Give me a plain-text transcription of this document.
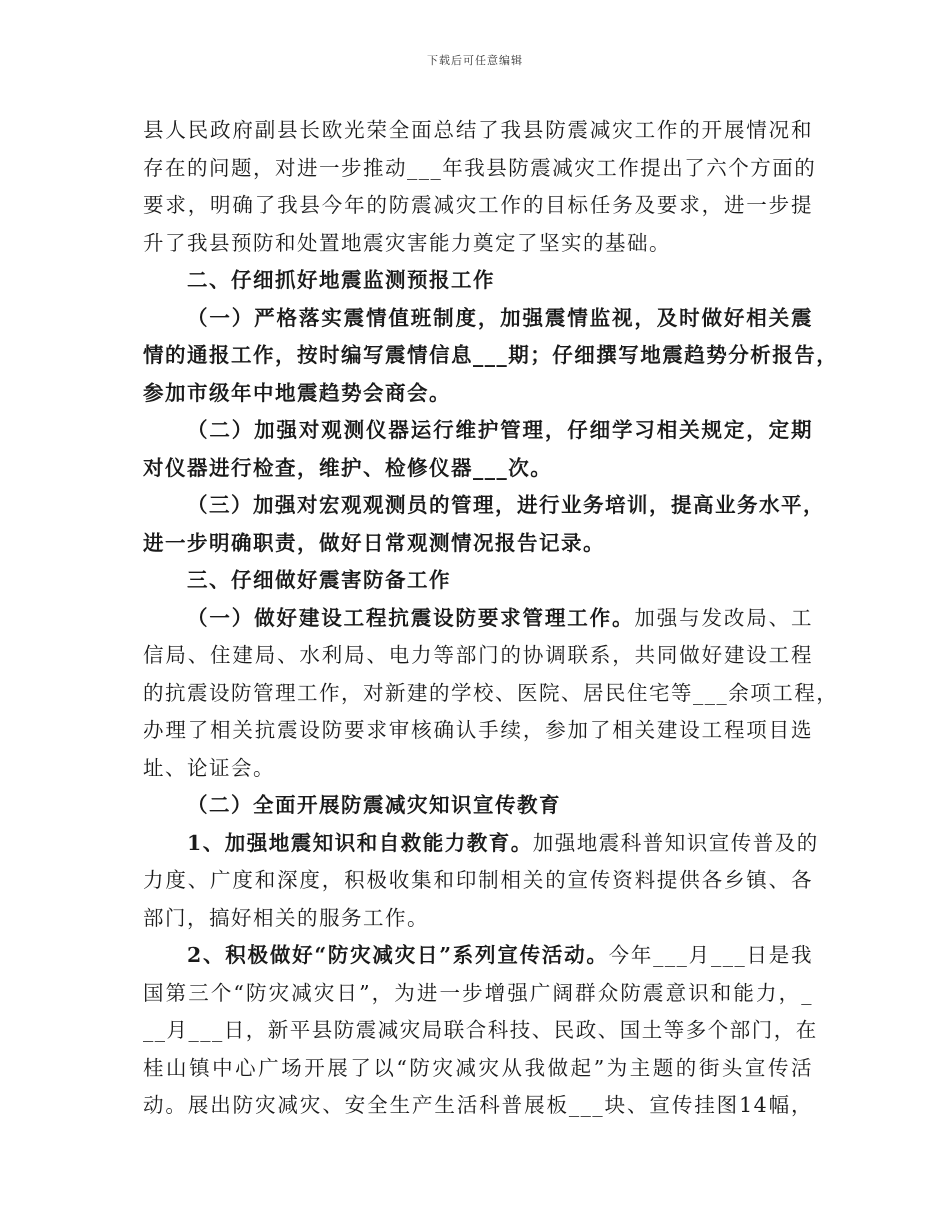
下载后可任意编辑
县人民政府副县长欧光荣全面总结了我县防震减灾工作的开展情况和
存在的问题，对进一步推动___年我县防震减灾工作提出了六个方面的
要求，明确了我县今年的防震减灾工作的目标任务及要求，进一步提
升了我县预防和处置地震灾害能力奠定了坚实的基础。
二、仔细抓好地震监测预报工作
（一）严格落实震情值班制度，加强震情监视，及时做好相关震
情的通报工作，按时编写震情信息___期；仔细撰写地震趋势分析报告，
参加市级年中地震趋势会商会。
（二）加强对观测仪器运行维护管理，仔细学习相关规定，定期
对仪器进行检查，维护、检修仪器___次。
（三）加强对宏观观测员的管理，进行业务培训，提高业务水平，
进一步明确职责，做好日常观测情况报告记录。
三、仔细做好震害防备工作
（一）做好建设工程抗震设防要求管理工作。加强与发改局、工
信局、住建局、水利局、电力等部门的协调联系，共同做好建设工程
的抗震设防管理工作，对新建的学校、医院、居民住宅等___余项工程，
办理了相关抗震设防要求审核确认手续，参加了相关建设工程项目选
址、论证会。
（二）全面开展防震减灾知识宣传教育
1、加强地震知识和自救能力教育。加强地震科普知识宣传普及的
力度、广度和深度，积极收集和印制相关的宣传资料提供各乡镇、各
部门，搞好相关的服务工作。
2、积极做好“防灾减灾日”系列宣传活动。今年___月___日是我
国第三个“防灾减灾日”，为进一步增强广阔群众防震意识和能力，_
__月___日，新平县防震减灾局联合科技、民政、国土等多个部门，在
桂山镇中心广场开展了以“防灾减灾从我做起”为主题的街头宣传活
动。展出防灾减灾、安全生产生活科普展板___块、宣传挂图14幅，
